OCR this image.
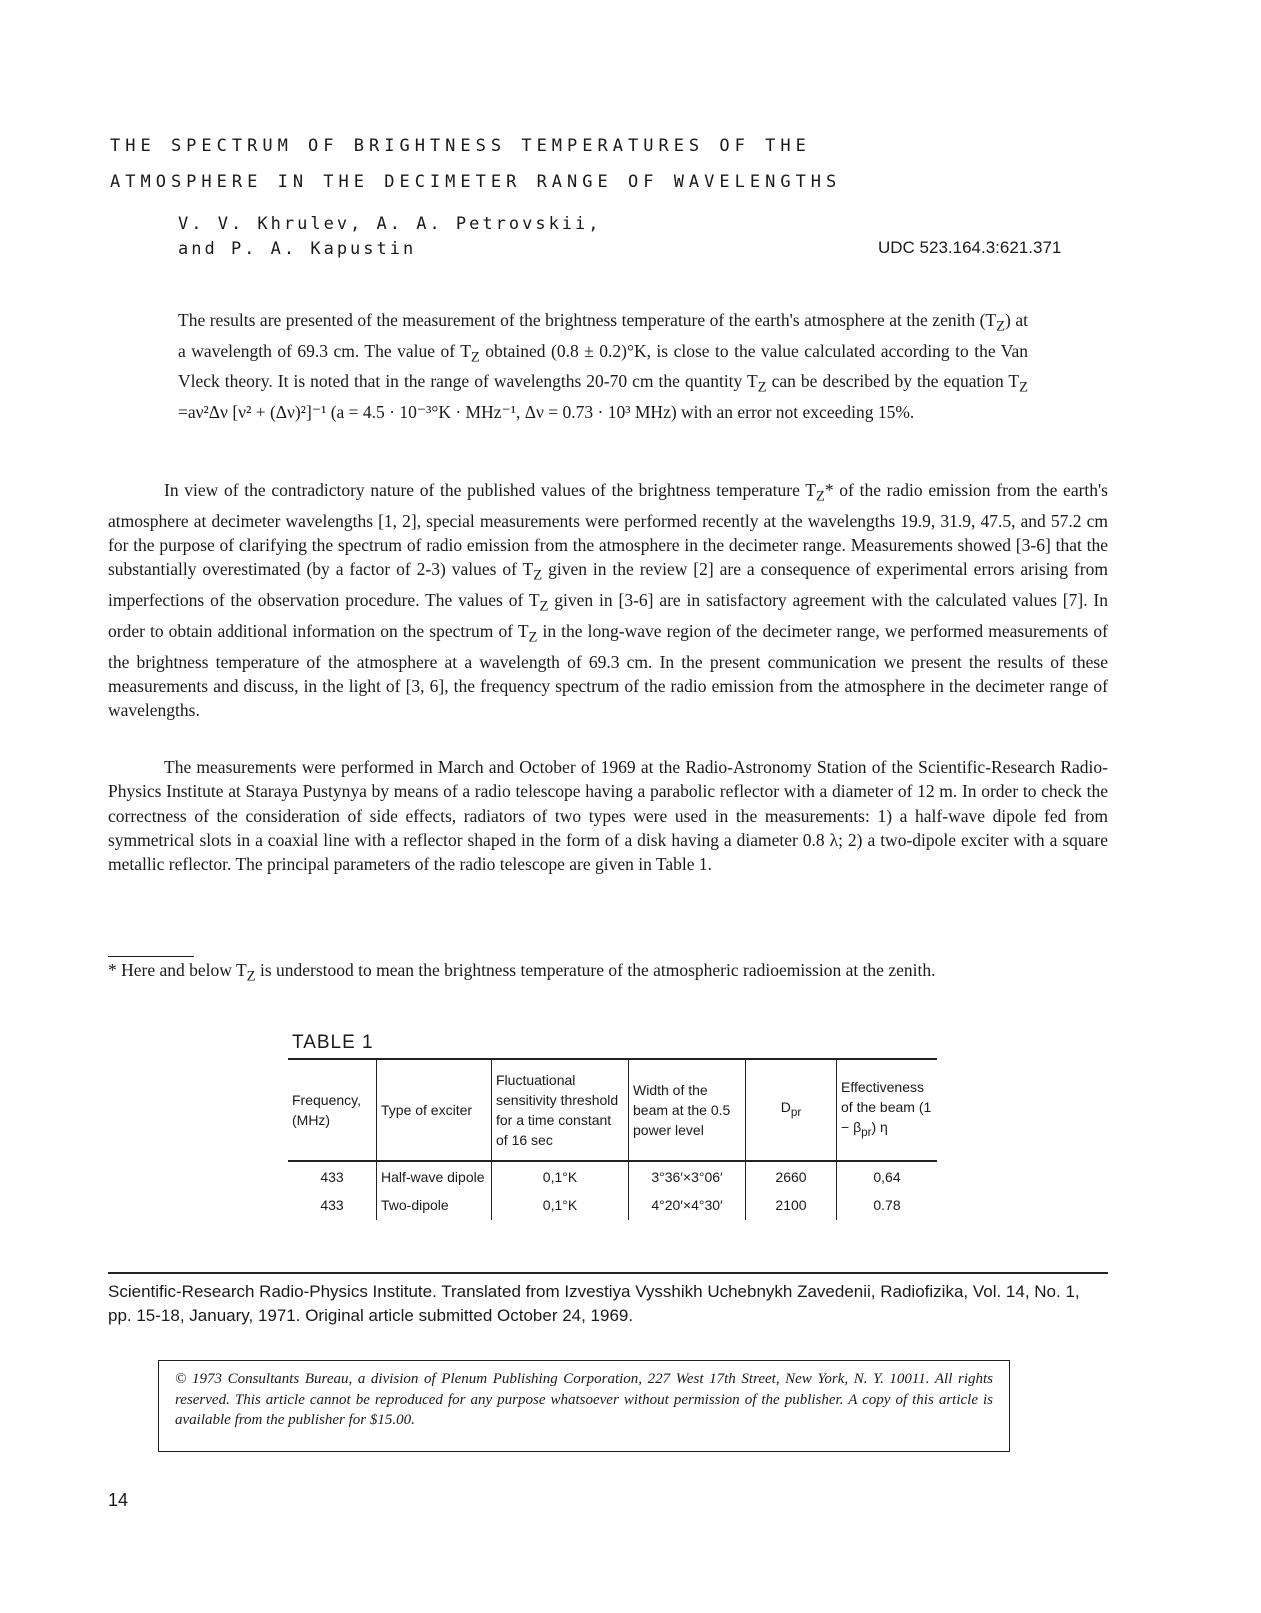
THE SPECTRUM OF BRIGHTNESS TEMPERATURES OF THE
ATMOSPHERE IN THE DECIMETER RANGE OF WAVELENGTHS
V. V. Khrulev, A. A. Petrovskii,
and P. A. Kapustin	UDC 523.164.3:621.371
The results are presented of the measurement of the brightness temperature of the earth's atmosphere at the zenith $(T_Z)$ at a wavelength of 69.3 cm. The value of $T_Z$ obtained (0.8 ± 0.2)°K, is close to the value calculated according to the Van Vleck theory. It is noted that in the range of wavelengths 20-70 cm the quantity $T_Z$ can be described by the equation $T_Z =a\nu^2\Delta\nu$ [ν² + (Δν)²]⁻¹ (a = 4.5 · 10⁻³°K · MHz⁻¹, Δν = 0.73 · 10³ MHz) with an error not exceeding 15%.
In view of the contradictory nature of the published values of the brightness temperature $T_Z*$ of the radio emission from the earth's atmosphere at decimeter wavelengths [1, 2], special measurements were performed recently at the wavelengths 19.9, 31.9, 47.5, and 57.2 cm for the purpose of clarifying the spectrum of radio emission from the atmosphere in the decimeter range. Measurements showed [3-6] that the substantially overestimated (by a factor of 2-3) values of $T_Z$ given in the review [2] are a consequence of experimental errors arising from imperfections of the observation procedure. The values of $T_Z$ given in [3-6] are in satisfactory agreement with the calculated values [7]. In order to obtain additional information on the spectrum of $T_Z$ in the long-wave region of the decimeter range, we performed measurements of the brightness temperature of the atmosphere at a wavelength of 69.3 cm. In the present communication we present the results of these measurements and discuss, in the light of [3, 6], the frequency spectrum of the radio emission from the atmosphere in the decimeter range of wavelengths.
The measurements were performed in March and October of 1969 at the Radio-Astronomy Station of the Scientific-Research Radio-Physics Institute at Staraya Pustynya by means of a radio telescope having a parabolic reflector with a diameter of 12 m. In order to check the correctness of the consideration of side effects, radiators of two types were used in the measurements: 1) a half-wave dipole fed from symmetrical slots in a coaxial line with a reflector shaped in the form of a disk having a diameter 0.8 λ; 2) a two-dipole exciter with a square metallic reflector. The principal parameters of the radio telescope are given in Table 1.
* Here and below $T_Z$ is understood to mean the brightness temperature of the atmospheric radioemission at the zenith.
TABLE 1
Frequency, (MHz)	Type of exciter	Fluctuational sensitivity threshold for a time constant of 16 sec	Width of the beam at the 0.5 power level	$D_{pr}$	Effectiveness of the beam $(1 - \beta_{pr})$ η
433	Half-wave dipole	0,1°K	3°36′×3°06′	2660	0,64
433	Two-dipole	0,1°K	4°20′×4°30′	2100	0.78
Scientific-Research Radio-Physics Institute. Translated from Izvestiya Vysshikh Uchebnykh Zavedenii, Radiofizika, Vol. 14, No. 1, pp. 15-18, January, 1971. Original article submitted October 24, 1969.
© 1973 Consultants Bureau, a division of Plenum Publishing Corporation, 227 West 17th Street, New York, N. Y. 10011. All rights reserved. This article cannot be reproduced for any purpose whatsoever without permission of the publisher. A copy of this article is available from the publisher for $15.00.
14
